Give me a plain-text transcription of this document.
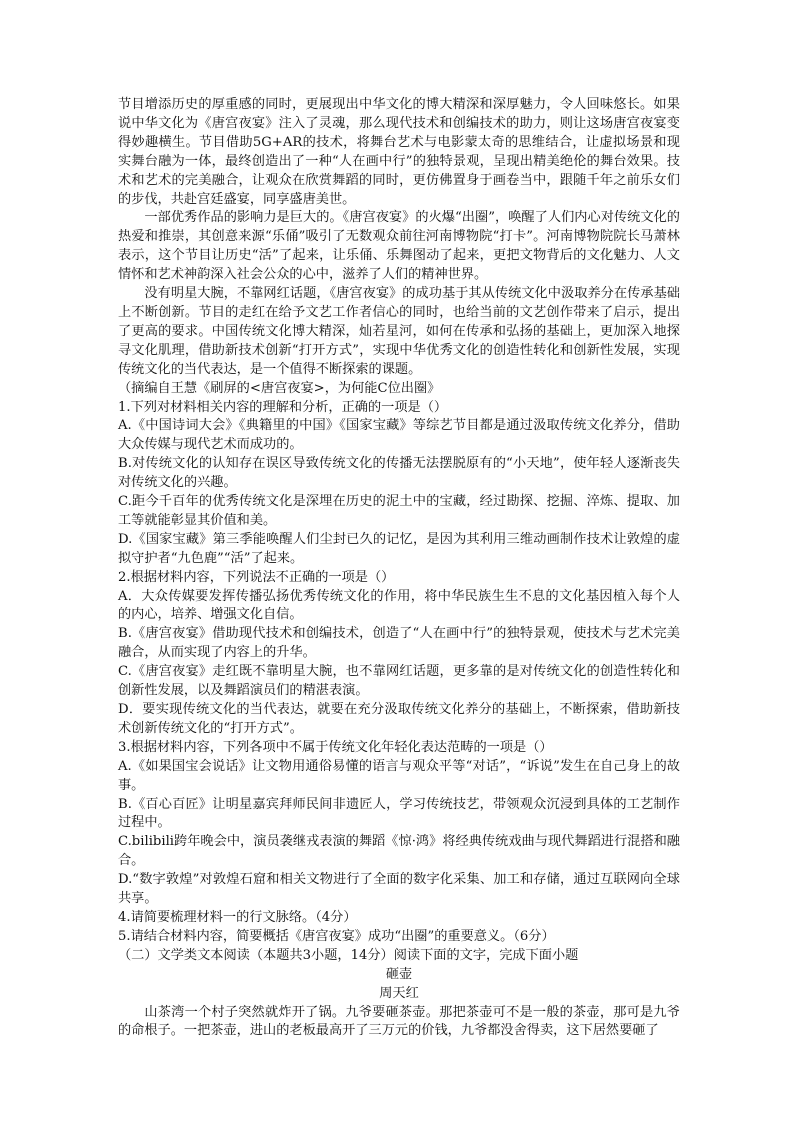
节目增添历史的厚重感的同时，更展现出中华文化的博大精深和深厚魅力，令人回味悠长。如果说中华文化为《唐宫夜宴》注入了灵魂，那么现代技术和创编技术的助力，则让这场唐宫夜宴变得妙趣横生。节目借助5G+AR的技术，将舞台艺术与电影蒙太奇的思维结合，让虚拟场景和现实舞台融为一体，最终创造出了一种“人在画中行”的独特景观，呈现出精美绝伦的舞台效果。技术和艺术的完美融合，让观众在欣赏舞蹈的同时，更仿佛置身于画卷当中，跟随千年之前乐女们的步伐，共赴宫廷盛宴，同享盛唐美世。

一部优秀作品的影响力是巨大的。《唐宫夜宴》的火爆“出圈”，唤醒了人们内心对传统文化的热爱和推崇，其创意来源“乐俑”吸引了无数观众前往河南博物院“打卡”。河南博物院院长马萧林表示，这个节目让历史“活”了起来，让乐俑、乐舞图动了起来，更把文物背后的文化魅力、人文情怀和艺术神韵深入社会公众的心中，滋养了人们的精神世界。

没有明星大腕，不靠网红话题，《唐宫夜宴》的成功基于其从传统文化中汲取养分在传承基础上不断创新。节目的走红在给予文艺工作者信心的同时，也给当前的文艺创作带来了启示，提出了更高的要求。中国传统文化博大精深，灿若星河，如何在传承和弘扬的基础上，更加深入地探寻文化肌理，借助新技术创新“打开方式”，实现中华优秀文化的创造性转化和创新性发展，实现传统文化的当代表达，是一个值得不断探索的课题。

（摘编自王慧《刷屏的<唐宫夜宴>，为何能C位出圈》

1.下列对材料相关内容的理解和分析，正确的一项是（）

A.《中国诗词大会》《典籍里的中国》《国家宝藏》等综艺节目都是通过汲取传统文化养分，借助大众传媒与现代艺术而成功的。

B.对传统文化的认知存在误区导致传统文化的传播无法摆脱原有的“小天地”，使年轻人逐渐丧失对传统文化的兴趣。

C.距今千百年的优秀传统文化是深埋在历史的泥土中的宝藏，经过勘探、挖掘、淬炼、提取、加工等就能彰显其价值和美。

D.《国家宝藏》第三季能唤醒人们尘封已久的记忆，是因为其利用三维动画制作技术让敦煌的虚拟守护者“九色鹿”“活”了起来。

2.根据材料内容，下列说法不正确的一项是（）

A．大众传媒要发挥传播弘扬优秀传统文化的作用，将中华民族生生不息的文化基因植入每个人的内心，培养、增强文化自信。

B.《唐宫夜宴》借助现代技术和创编技术，创造了“人在画中行”的独特景观，使技术与艺术完美融合，从而实现了内容上的升华。

C.《唐宫夜宴》走红既不靠明星大腕，也不靠网红话题，更多靠的是对传统文化的创造性转化和创新性发展，以及舞蹈演员们的精湛表演。

D．要实现传统文化的当代表达，就要在充分汲取传统文化养分的基础上，不断探索，借助新技术创新传统文化的“打开方式”。

3.根据材料内容，下列各项中不属于传统文化年轻化表达范畴的一项是（）

A.《如果国宝会说话》让文物用通俗易懂的语言与观众平等“对话”，“诉说”发生在自己身上的故事。

B.《百心百匠》让明星嘉宾拜师民间非遗匠人，学习传统技艺，带领观众沉浸到具体的工艺制作过程中。

C.bilibili跨年晚会中，演员袭继戎表演的舞蹈《惊·鸿》将经典传统戏曲与现代舞蹈进行混搭和融合。

D.“数字敦煌”对敦煌石窟和相关文物进行了全面的数字化采集、加工和存储，通过互联网向全球共享。

4.请简要梳理材料一的行文脉络。（4分）

5.请结合材料内容，简要概括《唐宫夜宴》成功“出圈”的重要意义。（6分）

（二）文学类文本阅读（本题共3小题，14分）阅读下面的文字，完成下面小题

砸壶

周天红

山茶湾一个村子突然就炸开了锅。九爷要砸茶壶。那把茶壶可不是一般的茶壶，那可是九爷的命根子。一把茶壶，进山的老板最高开了三万元的价钱，九爷都没舍得卖，这下居然要砸了
